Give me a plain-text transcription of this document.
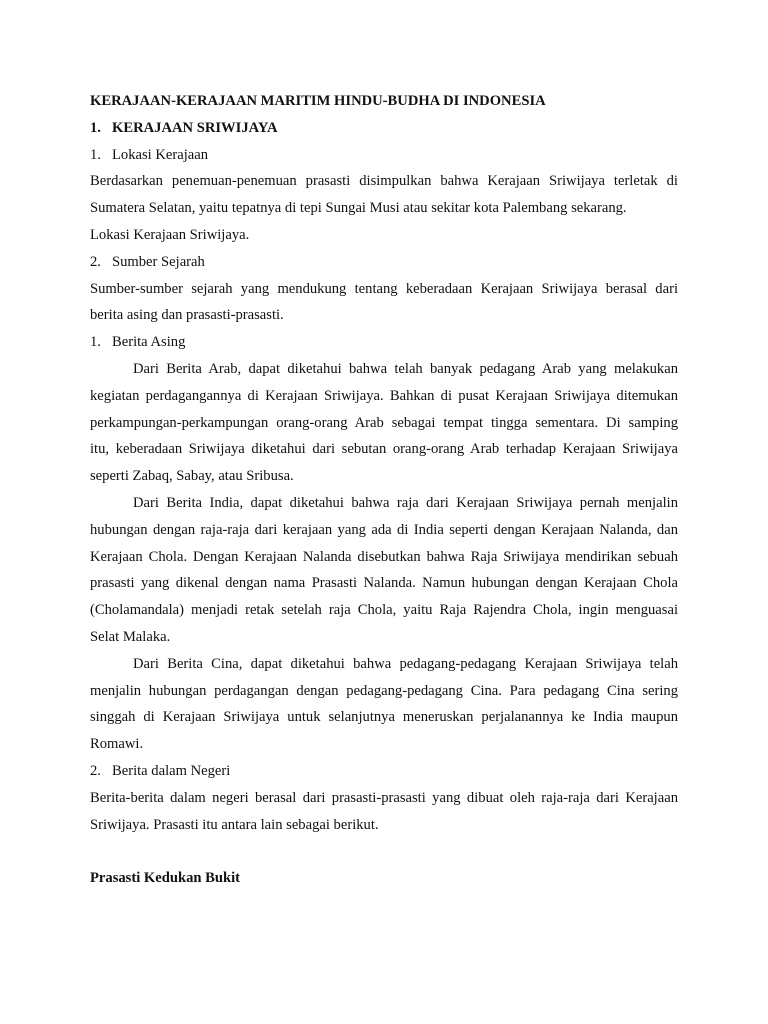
KERAJAAN-KERAJAAN MARITIM HINDU-BUDHA DI INDONESIA
1. KERAJAAN SRIWIJAYA
1. Lokasi Kerajaan
Berdasarkan penemuan-penemuan prasasti disimpulkan bahwa Kerajaan Sriwijaya terletak di
Sumatera Selatan, yaitu tepatnya di tepi Sungai Musi atau sekitar kota Palembang sekarang.
Lokasi Kerajaan Sriwijaya.
2. Sumber Sejarah
Sumber-sumber sejarah yang mendukung tentang keberadaan Kerajaan Sriwijaya berasal dari
berita asing dan prasasti-prasasti.
1. Berita Asing
Dari Berita Arab, dapat diketahui bahwa telah banyak pedagang Arab yang melakukan
kegiatan perdagangannya di Kerajaan Sriwijaya. Bahkan di pusat Kerajaan Sriwijaya ditemukan
perkampungan-perkampungan orang-orang Arab sebagai tempat tingga sementara. Di samping
itu, keberadaan Sriwijaya diketahui dari sebutan orang-orang Arab terhadap Kerajaan Sriwijaya
seperti Zabaq, Sabay, atau Sribusa.
Dari Berita India, dapat diketahui bahwa raja dari Kerajaan Sriwijaya pernah menjalin
hubungan dengan raja-raja dari kerajaan yang ada di India seperti dengan Kerajaan Nalanda, dan
Kerajaan Chola. Dengan Kerajaan Nalanda disebutkan bahwa Raja Sriwijaya mendirikan sebuah
prasasti yang dikenal dengan nama Prasasti Nalanda. Namun hubungan dengan Kerajaan Chola
(Cholamandala) menjadi retak setelah raja Chola, yaitu Raja Rajendra Chola, ingin menguasai
Selat Malaka.
Dari Berita Cina, dapat diketahui bahwa pedagang-pedagang Kerajaan Sriwijaya telah
menjalin hubungan perdagangan dengan pedagang-pedagang Cina. Para pedagang Cina sering
singgah di Kerajaan Sriwijaya untuk selanjutnya meneruskan perjalanannya ke India maupun
Romawi.
2. Berita dalam Negeri
Berita-berita dalam negeri berasal dari prasasti-prasasti yang dibuat oleh raja-raja dari Kerajaan
Sriwijaya. Prasasti itu antara lain sebagai berikut.
Prasasti Kedukan Bukit
